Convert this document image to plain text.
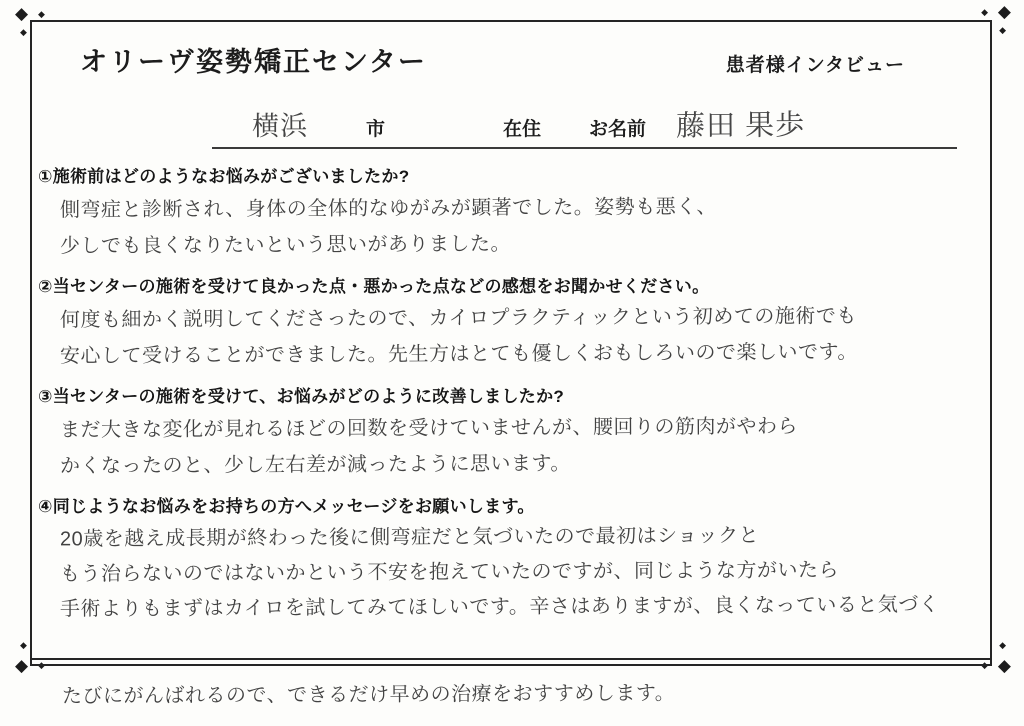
◆ ◆
◆
◆
◆
◆
◆
◆
◆
◆ ◆
◆
オリーヴ姿勢矯正センター	患者様インタビュー
横浜	市	在住	お名前 藤田 果歩
①施術前はどのようなお悩みがございましたか?
側弯症と診断され、身体の全体的なゆがみが顕著でした。姿勢も悪く、
少しでも良くなりたいという思いがありました。
②当センターの施術を受けて良かった点・悪かった点などの感想をお聞かせください。
何度も細かく説明してくださったので、カイロプラクティックという初めての施術でも
安心して受けることができました。先生方はとても優しくおもしろいので楽しいです。
③当センターの施術を受けて、お悩みがどのように改善しましたか?
まだ大きな変化が見れるほどの回数を受けていませんが、腰回りの筋肉がやわら
かくなったのと、少し左右差が減ったように思います。
④同じようなお悩みをお持ちの方へメッセージをお願いします。
20歳を越え成長期が終わった後に側弯症だと気づいたので最初はショックと
もう治らないのではないかという不安を抱えていたのですが、同じような方がいたら
手術よりもまずはカイロを試してみてほしいです。辛さはありますが、良くなっていると気づく
たびにがんばれるので、できるだけ早めの治療をおすすめします。
